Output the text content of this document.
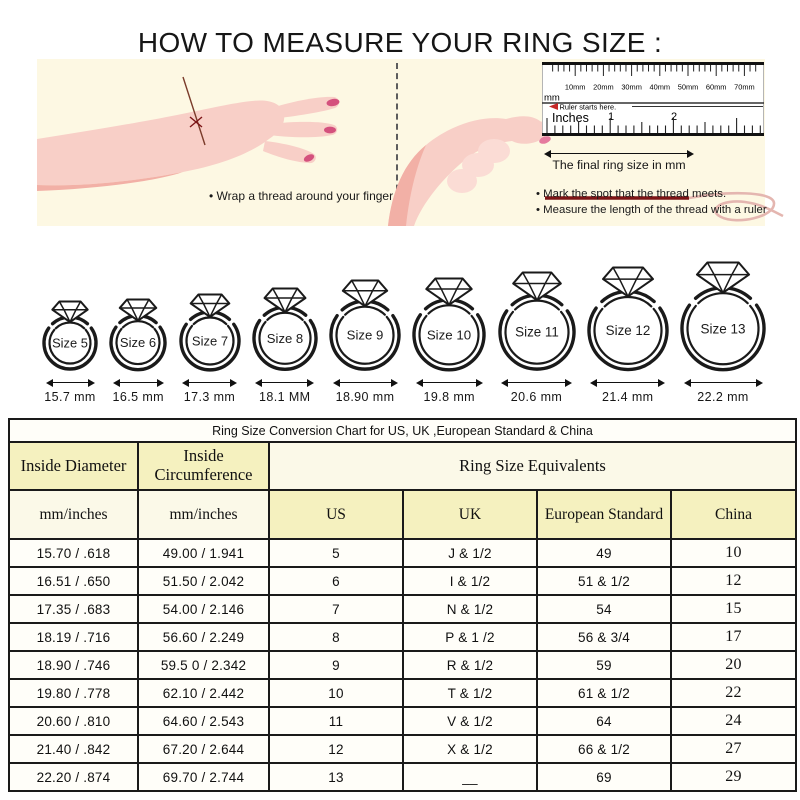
HOW TO MEASURE YOUR RING SIZE :
10mm 20mm 30mm 40mm 50mm 60mm 70mm
mm
Ruler starts here.
Inches 1	2
The final ring size in mm
• Wrap a thread around your finger	• Mark the spot that the thread meets.
• Measure the length of the thread with a ruler
Size 5
15.7 mm
Size 6
16.5 mm
Size 7
17.3 mm
Size 8
18.1 MM
Size 9
18.90 mm
Size 10
19.8 mm
Size 11
20.6 mm
Size 12
21.4 mm
Size 13
22.2 mm
Ring Size Conversion Chart for US, UK ,European Standard & China					
Inside Diameter	Inside Circumference	Ring Size Equivalents			
mm/inches	mm/inches	US	UK	European Standard	China
15.70 / .618	49.00 / 1.941	5	J & 1/2	49	10
16.51 / .650	51.50 / 2.042	6	I & 1/2	51 & 1/2	12
17.35 / .683	54.00 / 2.146	7	N & 1/2	54	15
18.19 / .716	56.60 / 2.249	8	P & 1 /2	56 & 3/4	17
18.90 / .746	59.5 0 / 2.342	9	R & 1/2	59	20
19.80 / .778	62.10 / 2.442	10	T & 1/2	61 & 1/2	22
20.60 / .810	64.60 / 2.543	11	V & 1/2	64	24
21.40 / .842	67.20 / 2.644	12	X & 1/2	66 & 1/2	27
22.20 / .874	69.70 / 2.744	13	__	69	29
